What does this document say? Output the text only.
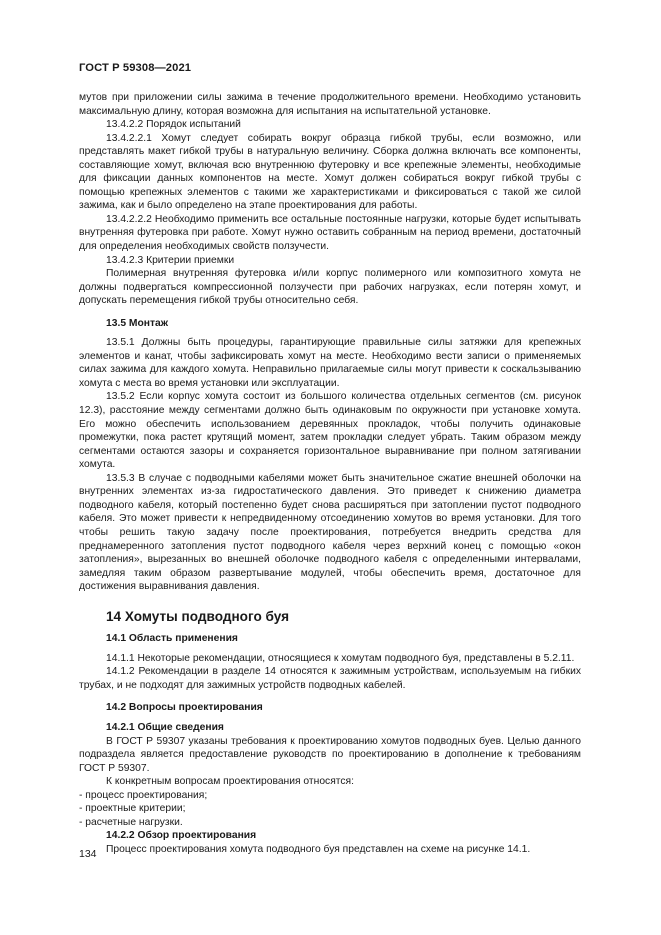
ГОСТ Р 59308—2021

мутов при приложении силы зажима в течение продолжительного времени. Необходимо установить максимальную длину, которая возможна для испытания на испытательной установке.

13.4.2.2 Порядок испытаний

13.4.2.2.1 Хомут следует собирать вокруг образца гибкой трубы, если возможно, или представлять макет гибкой трубы в натуральную величину. Сборка должна включать все компоненты, составляющие хомут, включая всю внутреннюю футеровку и все крепежные элементы, необходимые для фиксации данных компонентов на месте. Хомут должен собираться вокруг гибкой трубы с помощью крепежных элементов с такими же характеристиками и фиксироваться с такой же силой зажима, как и было определено на этапе проектирования для работы.

13.4.2.2.2 Необходимо применить все остальные постоянные нагрузки, которые будет испытывать внутренняя футеровка при работе. Хомут нужно оставить собранным на период времени, достаточный для определения необходимых свойств ползучести.

13.4.2.3 Критерии приемки

Полимерная внутренняя футеровка и/или корпус полимерного или композитного хомута не должны подвергаться компрессионной ползучести при рабочих нагрузках, если потерян хомут, и допускать перемещения гибкой трубы относительно себя.

13.5 Монтаж

13.5.1 Должны быть процедуры, гарантирующие правильные силы затяжки для крепежных элементов и канат, чтобы зафиксировать хомут на месте. Необходимо вести записи о применяемых силах зажима для каждого хомута. Неправильно прилагаемые силы могут привести к соскальзыванию хомута с места во время установки или эксплуатации.

13.5.2 Если корпус хомута состоит из большого количества отдельных сегментов (см. рисунок 12.3), расстояние между сегментами должно быть одинаковым по окружности при установке хомута. Его можно обеспечить использованием деревянных прокладок, чтобы получить одинаковые промежутки, пока растет крутящий момент, затем прокладки следует убрать. Таким образом между сегментами остаются зазоры и сохраняется горизонтальное выравнивание при полном затягивании хомута.

13.5.3 В случае с подводными кабелями может быть значительное сжатие внешней оболочки на внутренних элементах из-за гидростатического давления. Это приведет к снижению диаметра подводного кабеля, который постепенно будет снова расширяться при затоплении пустот подводного кабеля. Это может привести к непредвиденному отсоединению хомутов во время установки. Для того чтобы решить такую задачу после проектирования, потребуется внедрить средства для преднамеренного затопления пустот подводного кабеля через верхний конец с помощью «окон затопления», вырезанных во внешней оболочке подводного кабеля с определенными интервалами, замедляя таким образом развертывание модулей, чтобы обеспечить время, достаточное для достижения выравнивания давления.

14 Хомуты подводного буя

14.1 Область применения

14.1.1 Некоторые рекомендации, относящиеся к хомутам подводного буя, представлены в 5.2.11.

14.1.2 Рекомендации в разделе 14 относятся к зажимным устройствам, используемым на гибких трубах, и не подходят для зажимных устройств подводных кабелей.

14.2 Вопросы проектирования

14.2.1 Общие сведения

В ГОСТ Р 59307 указаны требования к проектированию хомутов подводных буев. Целью данного подраздела является предоставление руководств по проектированию в дополнение к требованиям ГОСТ Р 59307.

К конкретным вопросам проектирования относятся:

- процесс проектирования;

- проектные критерии;

- расчетные нагрузки.

14.2.2 Обзор проектирования

Процесс проектирования хомута подводного буя представлен на схеме на рисунке 14.1.

134
